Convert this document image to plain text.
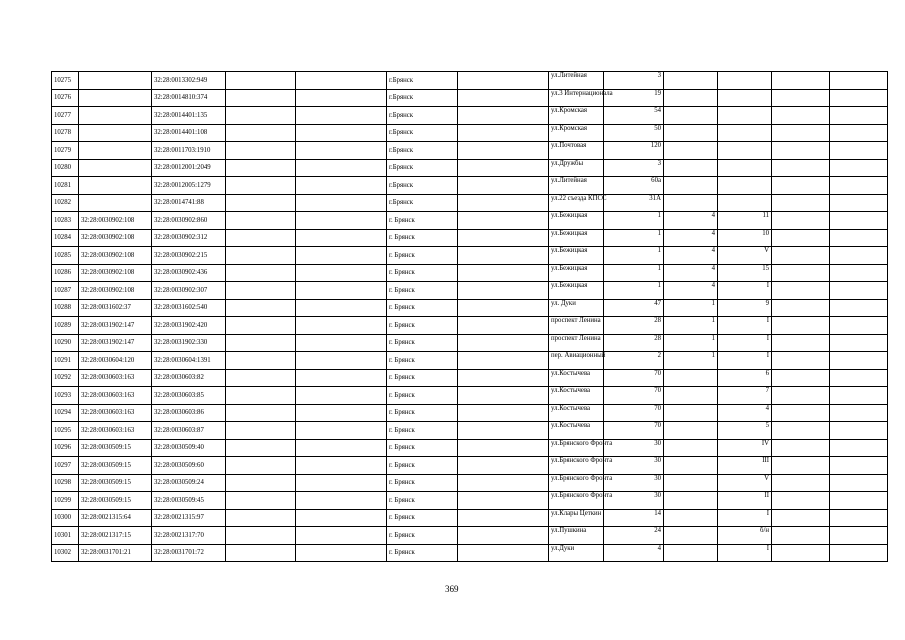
10275		32:28:0013302:949			г.Брянск		ул.Литейная	3				
10276		32:28:0014810:374			г.Брянск		ул.3 Интернационала	19				
10277		32:28:0014401:135			г.Брянск		ул.Кромская	54				
10278		32:28:0014401:108			г.Брянск		ул.Кромская	50				
10279		32:28:0011703:1910			г.Брянск		ул.Почтовая	120				
10280		32:28:0012001:2049			г.Брянск		ул.Дружбы	3				
10281		32:28:0012005:1279			г.Брянск		ул.Литейная	60а				
10282		32:28:0014741:88			г.Брянск		ул.22 съезда КПСС	31А				
10283	32:28:0030902:108	32:28:0030902:860			г. Брянск		ул.Бежицкая	1	4	11		
10284	32:28:0030902:108	32:28:0030902:312			г. Брянск		ул.Бежицкая	1	4	10		
10285	32:28:0030902:108	32:28:0030902:215			г. Брянск		ул.Бежицкая	1	4	V		
10286	32:28:0030902:108	32:28:0030902:436			г. Брянск		ул.Бежицкая	1	4	15		
10287	32:28:0030902:108	32:28:0030902:307			г. Брянск		ул.Бежицкая	1	4	I		
10288	32:28:0031602:37	32:28:0031602:540			г. Брянск		ул. Дуки	47	1	9		
10289	32:28:0031902:147	32:28:0031902:420			г. Брянск		проспект Ленина	28	1	I		
10290	32:28:0031902:147	32:28:0031902:330			г. Брянск		проспект Ленина	28	1	I		
10291	32:28:0030604:120	32:28:0030604:1391			г. Брянск		пер. Авиационный	2	1	I		
10292	32:28:0030603:163	32:28:0030603:82			г. Брянск		ул.Костычева	70		6		
10293	32:28:0030603:163	32:28:0030603:85			г. Брянск		ул.Костычева	70		7		
10294	32:28:0030603:163	32:28:0030603:86			г. Брянск		ул.Костычева	70		4		
10295	32:28:0030603:163	32:28:0030603:87			г. Брянск		ул.Костычева	70		5		
10296	32:28:0030509:15	32:28:0030509:40			г. Брянск		ул.Брянского Фронта	30		IV		
10297	32:28:0030509:15	32:28:0030509:60			г. Брянск		ул.Брянского Фронта	30		III		
10298	32:28:0030509:15	32:28:0030509:24			г. Брянск		ул.Брянского Фронта	30		V		
10299	32:28:0030509:15	32:28:0030509:45			г. Брянск		ул.Брянского Фронта	30		II		
10300	32:28:0021315:64	32:28:0021315:97			г. Брянск		ул.Клары Цеткин	14		I		
10301	32:28:0021317:15	32:28:0021317:70			г. Брянск		ул.Пушкина	24		б/н		
10302	32:28:0031701:21	32:28:0031701:72			г. Брянск		ул.Дуки	4		I		
369
